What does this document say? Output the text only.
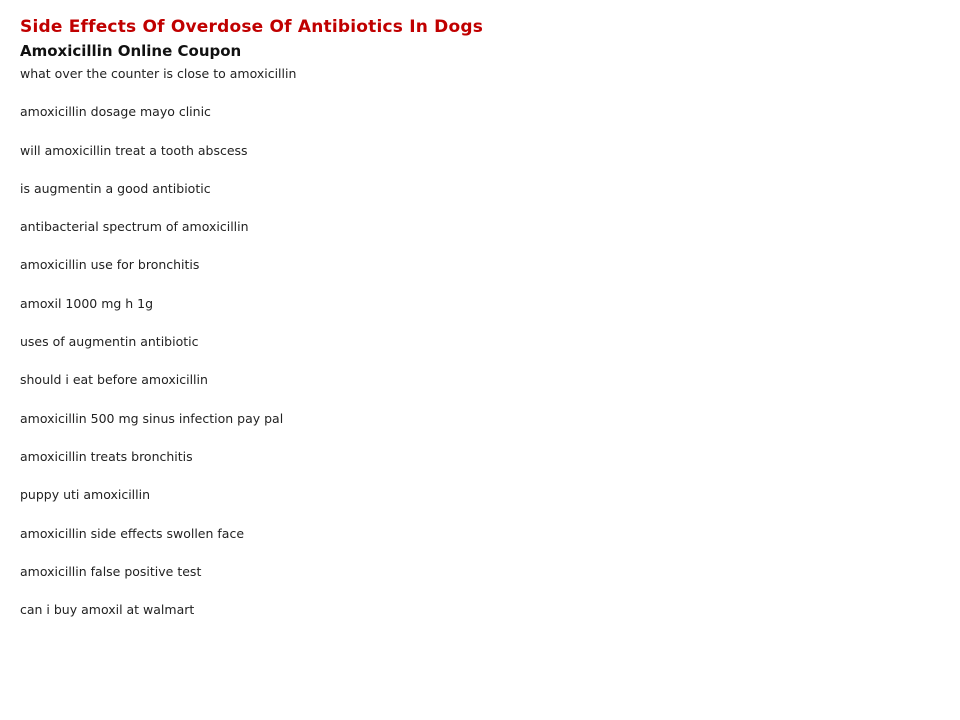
Side Effects Of Overdose Of Antibiotics In Dogs
Amoxicillin Online Coupon
what over the counter is close to amoxicillin
amoxicillin dosage mayo clinic
will amoxicillin treat a tooth abscess
is augmentin a good antibiotic
antibacterial spectrum of amoxicillin
amoxicillin use for bronchitis
amoxil 1000 mg h 1g
uses of augmentin antibiotic
should i eat before amoxicillin
amoxicillin 500 mg sinus infection pay pal
amoxicillin treats bronchitis
puppy uti amoxicillin
amoxicillin side effects swollen face
amoxicillin false positive test
can i buy amoxil at walmart
